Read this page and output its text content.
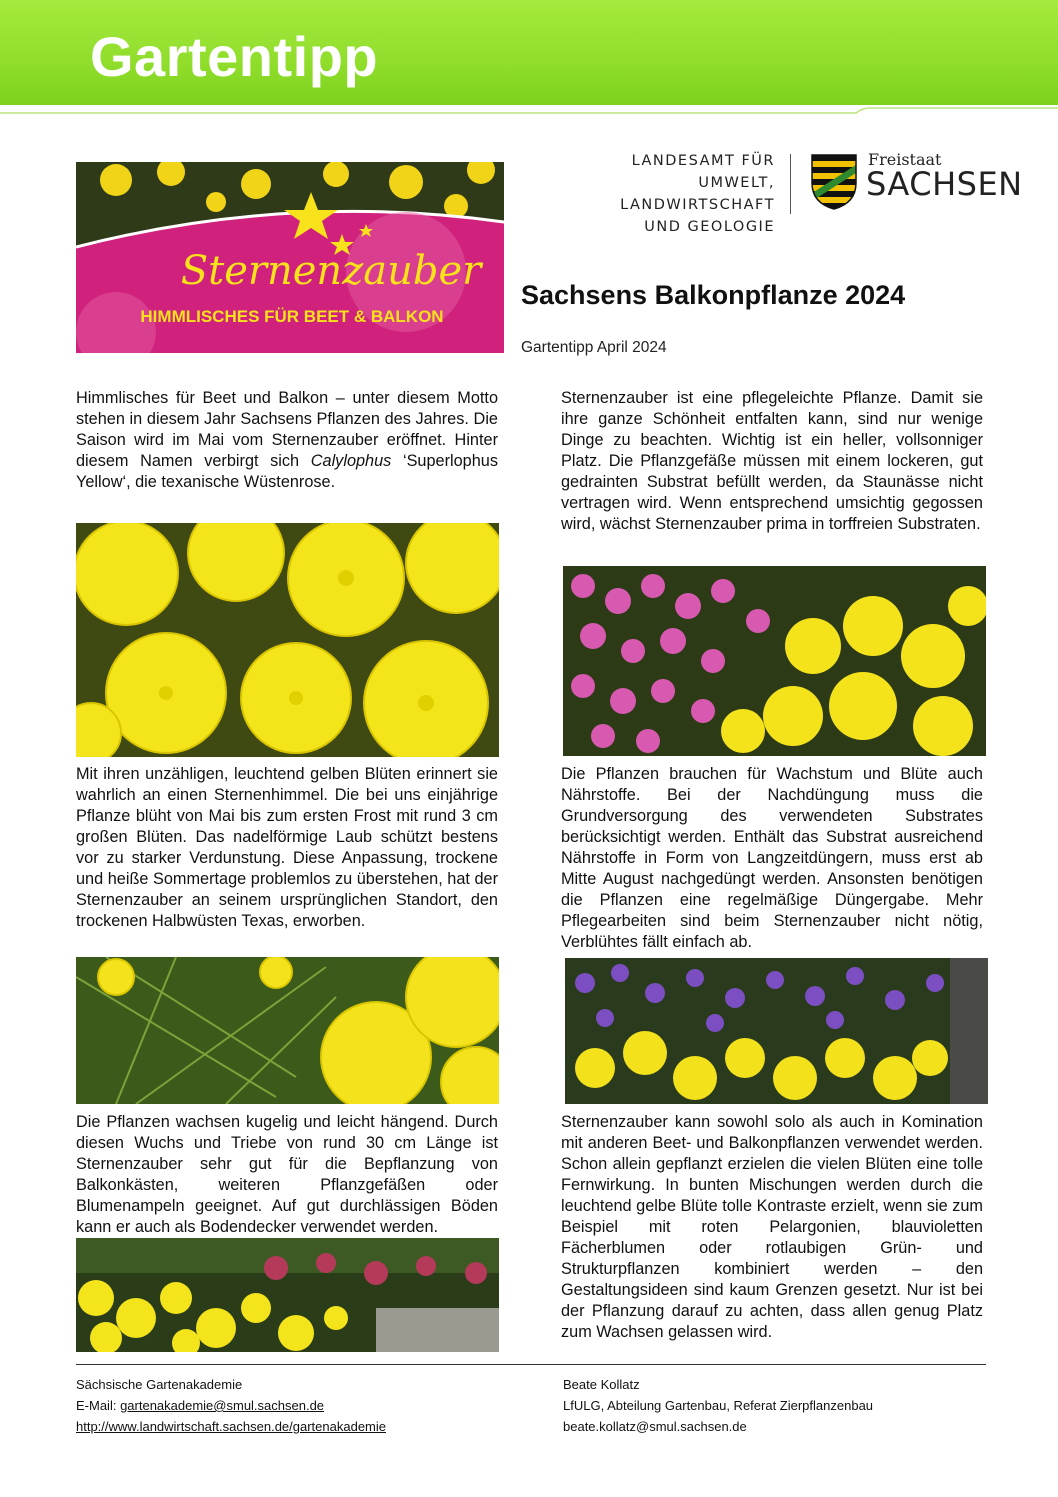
Gartentipp
LANDESAMT FÜR UMWELT,
LANDWIRTSCHAFT
UND GEOLOGIE
Freistaat
SACHSEN
Sternenzauber
HIMMLISCHES FÜR BEET & BALKON
Sachsens Balkonpflanze 2024
Gartentipp April 2024

Himmlisches für Beet und Balkon – unter diesem Motto stehen in diesem Jahr Sachsens Pflanzen des Jahres. Die Saison wird im Mai vom Sternenzauber eröffnet. Hinter diesem Namen verbirgt sich Calylophus ‘Superlophus Yellow‘, die texanische Wüstenrose.

Mit ihren unzähligen, leuchtend gelben Blüten erinnert sie wahrlich an einen Sternenhimmel. Die bei uns einjährige Pflanze blüht von Mai bis zum ersten Frost mit rund 3 cm großen Blüten. Das nadelförmige Laub schützt bestens vor zu starker Verdunstung. Diese Anpassung, trockene und heiße Sommertage problemlos zu überstehen, hat der Sternenzauber an seinem ursprünglichen Standort, den trockenen Halbwüsten Texas, erworben.

Die Pflanzen wachsen kugelig und leicht hängend. Durch diesen Wuchs und Triebe von rund 30 cm Länge ist Sternenzauber sehr gut für die Bepflanzung von Balkonkästen, weiteren Pflanzgefäßen oder Blumenampeln geeignet. Auf gut durchlässigen Böden kann er auch als Bodendecker verwendet werden.

Sternenzauber ist eine pflegeleichte Pflanze. Damit sie ihre ganze Schönheit entfalten kann, sind nur wenige Dinge zu beachten. Wichtig ist ein heller, vollsonniger Platz. Die Pflanzgefäße müssen mit einem lockeren, gut gedrainten Substrat befüllt werden, da Staunässe nicht vertragen wird. Wenn entsprechend umsichtig gegossen wird, wächst Sternenzauber prima in torffreien Substraten.

Die Pflanzen brauchen für Wachstum und Blüte auch Nährstoffe. Bei der Nachdüngung muss die Grundversorgung des verwendeten Substrates berücksichtigt werden. Enthält das Substrat ausreichend Nährstoffe in Form von Langzeitdüngern, muss erst ab Mitte August nachgedüngt werden. Ansonsten benötigen die Pflanzen eine regelmäßige Düngergabe. Mehr Pflegearbeiten sind beim Sternenzauber nicht nötig, Verblühtes fällt einfach ab.

Sternenzauber kann sowohl solo als auch in Komination mit anderen Beet- und Balkonpflanzen verwendet werden. Schon allein gepflanzt erzielen die vielen Blüten eine tolle Fernwirkung. In bunten Mischungen werden durch die leuchtend gelbe Blüte tolle Kontraste erzielt, wenn sie zum Beispiel mit roten Pelargonien, blauvioletten Fächerblumen oder rotlaubigen Grün- und Strukturpflanzen kombiniert werden – den Gestaltungsideen sind kaum Grenzen gesetzt. Nur ist bei der Pflanzung darauf zu achten, dass allen genug Platz zum Wachsen gelassen wird.

Sächsische Gartenakademie
E-Mail: gartenakademie@smul.sachsen.de
http://www.landwirtschaft.sachsen.de/gartenakademie
Beate Kollatz
LfULG, Abteilung Gartenbau, Referat Zierpflanzenbau
beate.kollatz@smul.sachsen.de
